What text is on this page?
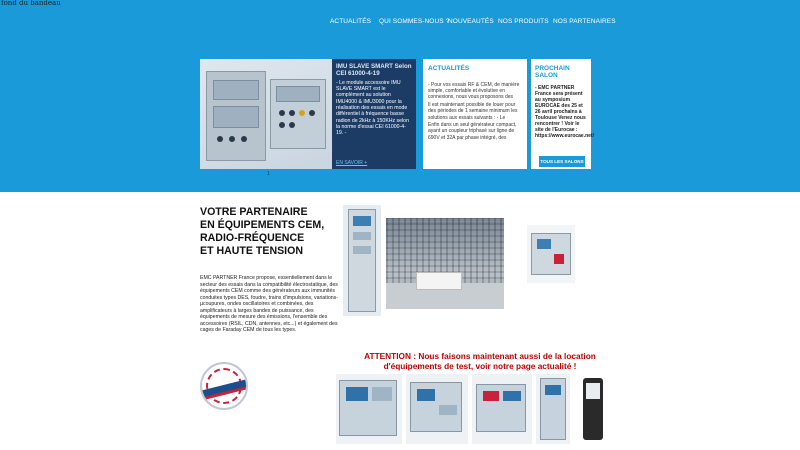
fond du bandeau
ACTUALITÉS QUI SOMMES-NOUS ?
NOUVEAUTÉS NOS PRODUITS NOS PARTENAIRES
IMU SLAVE SMART Selon CEI 61000-4-19
- Le module accessoire IMU SLAVE SMART est le complément au solution IMU4000 & IMU3000 pour la réalisation des essais en mode différentiel à fréquence basse radion de 2kHz à 150KHz selon la norme d'essai CEI 61000-4-19. -
EN SAVOIR +
1
ACTUALITÉS

- Pour vos essais RF & CEM, de manière simple, comfortable et évolutive en connexions, nous vous proposons des

Il est maintenant possible de louer pour des périodes de 1 semaine minimum les solutions aux essais suivants : - Le

Enfin dans un seul générateur compact, ayant un coupleur triphasé sur ligne de 690V et 32A par phase intégré, des

PROCHAIN SALON
- EMC PARTNER France sera présent au symposium EUROCAE des 25 et 26 avril prochains à Toulouse Venez nous rencontrer ! Voir le site de l'Eurocae : https://www.eurocae.net/
TOUS LES SALONS
VOTRE PARTENAIRE
EN ÉQUIPEMENTS CEM,
RADIO-FRÉQUENCE
ET HAUTE TENSION

EMC PARTNER France propose, essentiellement dans le secteur des essais dans la compatibilité électrostatique, des équipements CEM comme des générateurs aux immunités conduites types DES, foudre, trains d'impulsions, variations-µcoupures, ondes oscillatoires et combinées, des amplificateurs à larges bandes de puissance, des équipements de mesure des émissions, l'ensemble des accessoires (RSIL, CDN, antennes, etc...) et également des cages de Faraday CEM de tous les types.

ATTENTION : Nous faisons maintenant aussi de la location d'équipements de test, voir notre page actualité !
